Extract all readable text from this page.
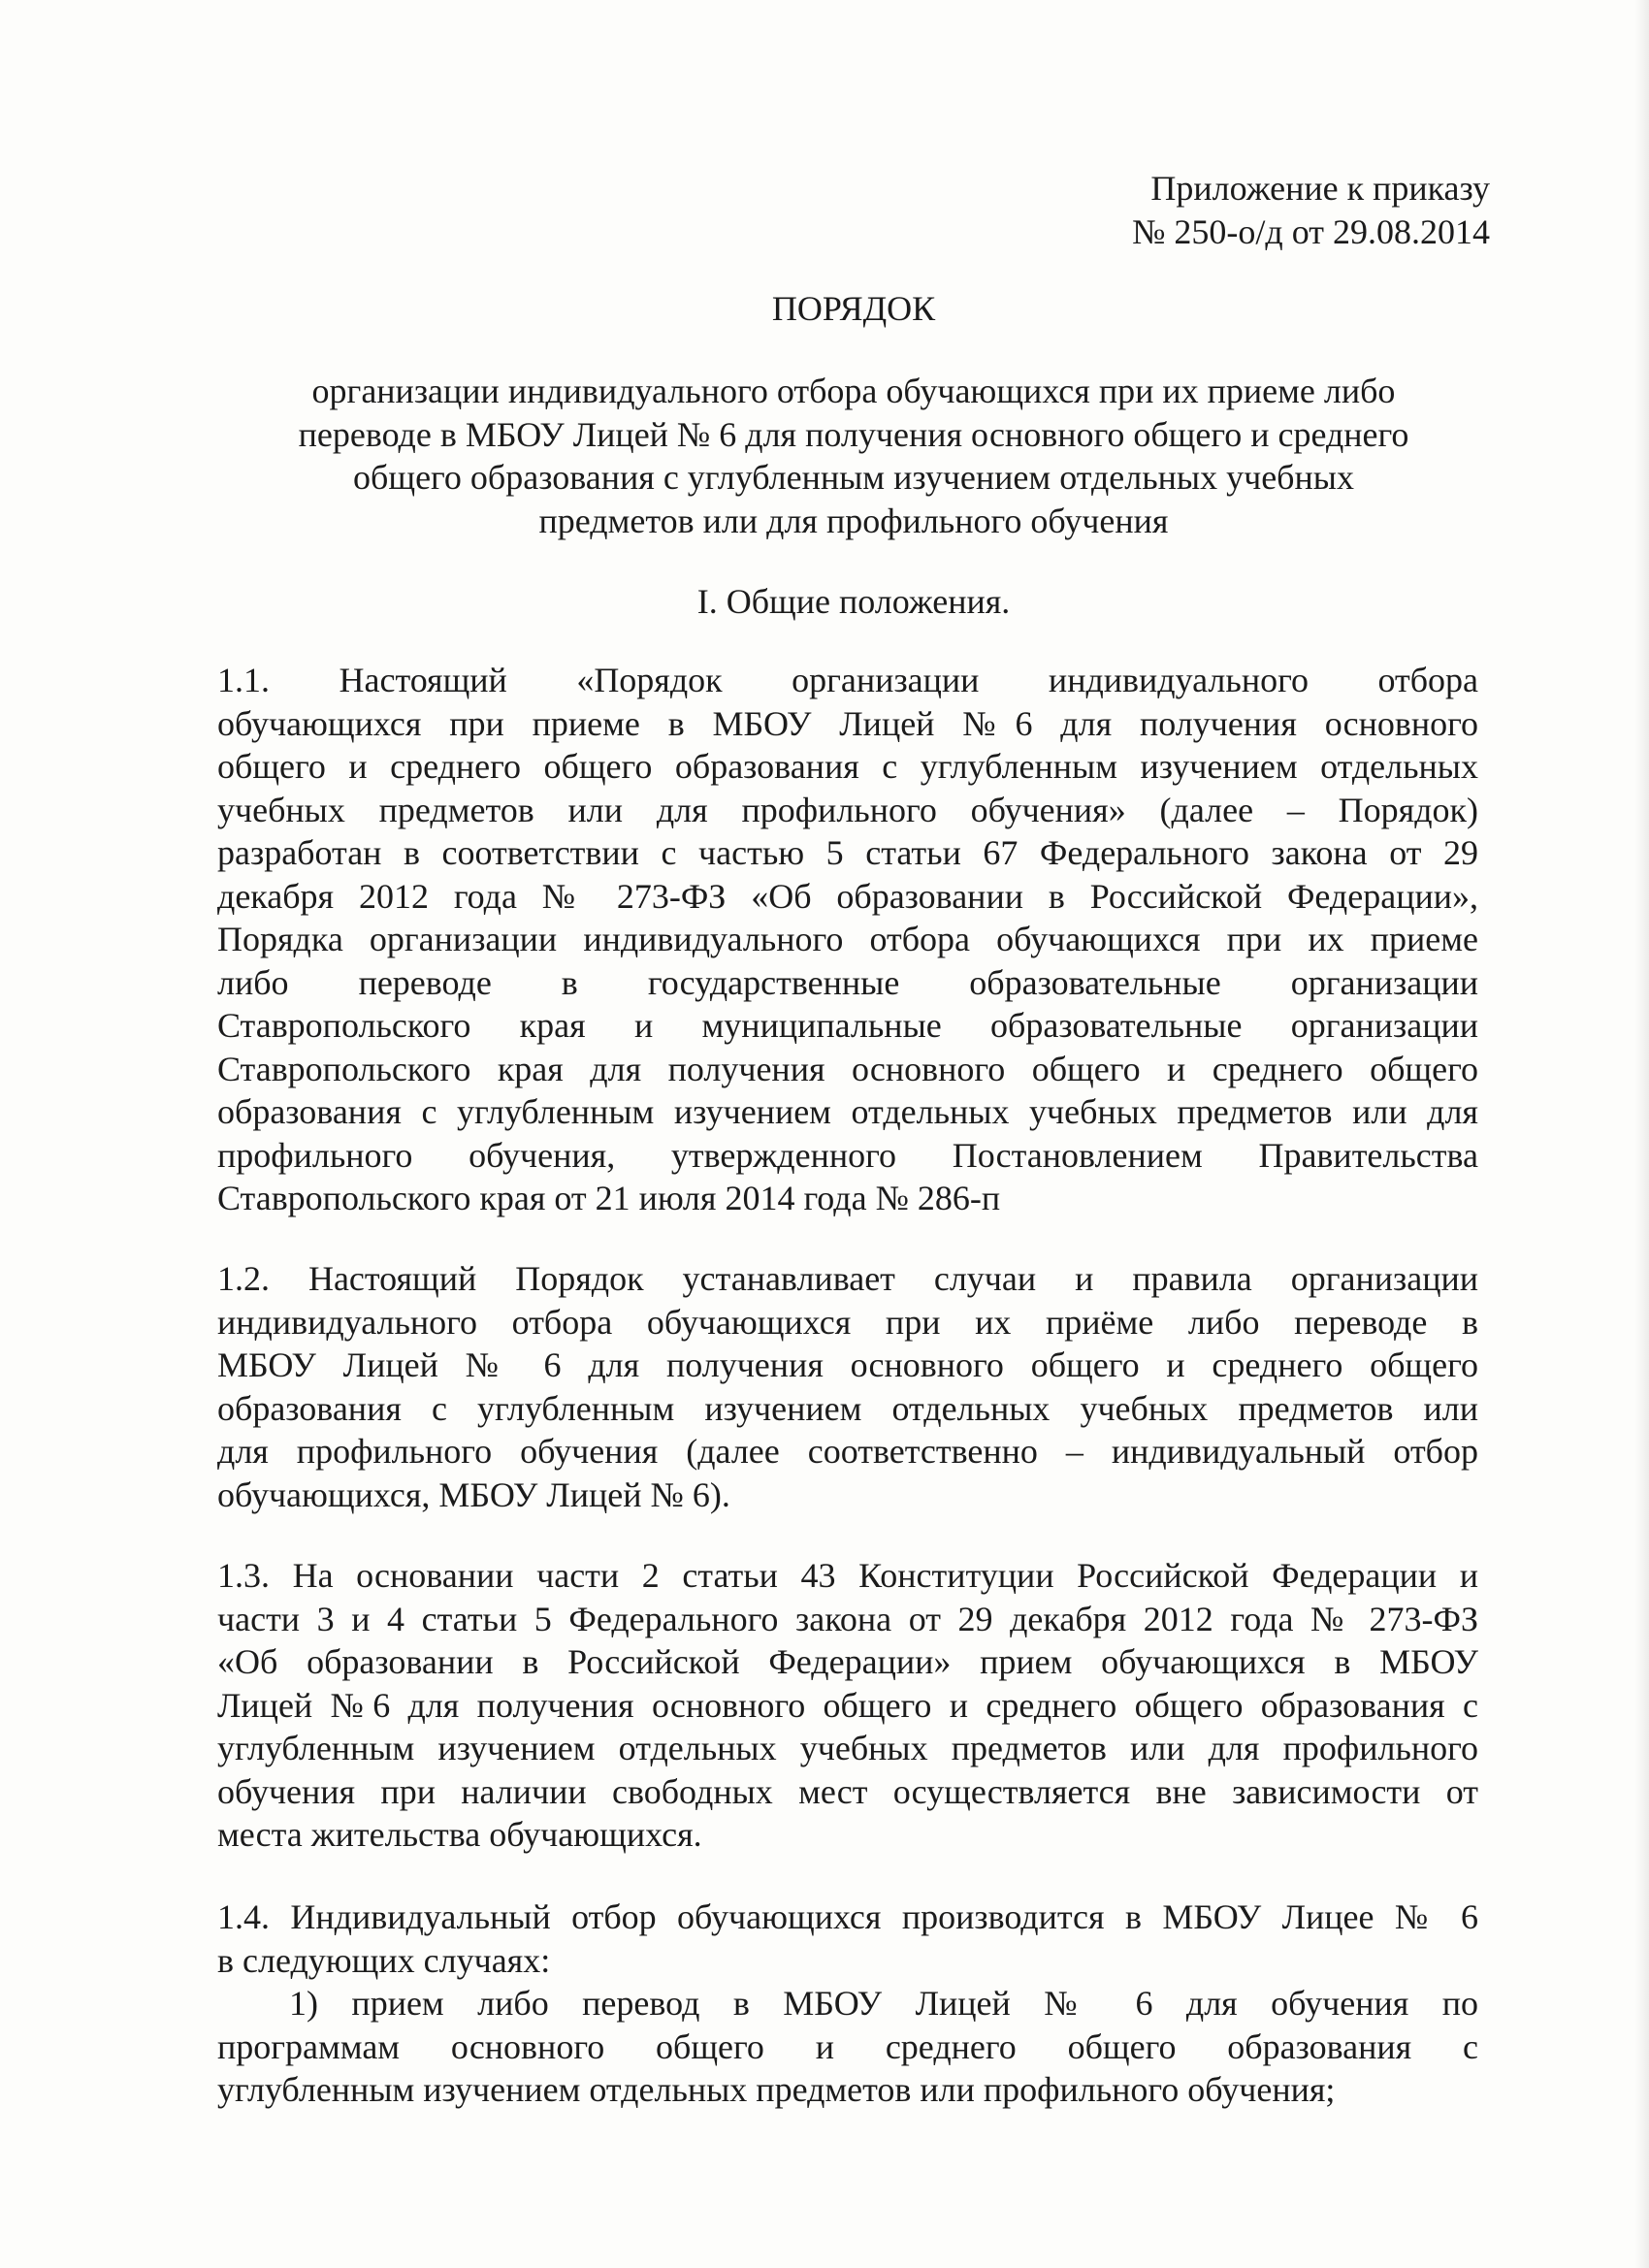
Приложение к приказу
№ 250-о/д от 29.08.2014
ПОРЯДОК
организации индивидуального отбора обучающихся при их приеме либо
переводе в МБОУ Лицей № 6 для получения основного общего и среднего
общего образования с углубленным изучением отдельных учебных
предметов или для профильного обучения
I. Общие положения.
1.1. Настоящий «Порядок организации индивидуального отбора
обучающихся при приеме в МБОУ Лицей №6 для получения основного
общего и среднего общего образования с углубленным изучением отдельных
учебных предметов или для профильного обучения» (далее – Порядок)
разработан в соответствии с частью 5 статьи 67 Федерального закона от 29
декабря 2012 года № 273-ФЗ «Об образовании в Российской Федерации»,
Порядка организации индивидуального отбора обучающихся при их приеме
либо переводе в государственные образовательные организации
Ставропольского края и муниципальные образовательные организации
Ставропольского края для получения основного общего и среднего общего
образования с углубленным изучением отдельных учебных предметов или для
профильного обучения, утвержденного Постановлением Правительства
Ставропольского края от 21 июля 2014 года № 286-п
1.2. Настоящий Порядок устанавливает случаи и правила организации
индивидуального отбора обучающихся при их приёме либо переводе в
МБОУ Лицей № 6 для получения основного общего и среднего общего
образования с углубленным изучением отдельных учебных предметов или
для профильного обучения (далее соответственно – индивидуальный отбор
обучающихся, МБОУ Лицей № 6).
1.3. На основании части 2 статьи 43 Конституции Российской Федерации и
части 3 и 4 статьи 5 Федерального закона от 29 декабря 2012 года № 273-ФЗ
«Об образовании в Российской Федерации» прием обучающихся в МБОУ
Лицей №6 для получения основного общего и среднего общего образования с
углубленным изучением отдельных учебных предметов или для профильного
обучения при наличии свободных мест осуществляется вне зависимости от
места жительства обучающихся.
1.4. Индивидуальный отбор обучающихся производится в МБОУ Лицее № 6
в следующих случаях:
1) прием либо перевод в МБОУ Лицей № 6 для обучения по
программам основного общего и среднего общего образования с
углубленным изучением отдельных предметов или профильного обучения;
